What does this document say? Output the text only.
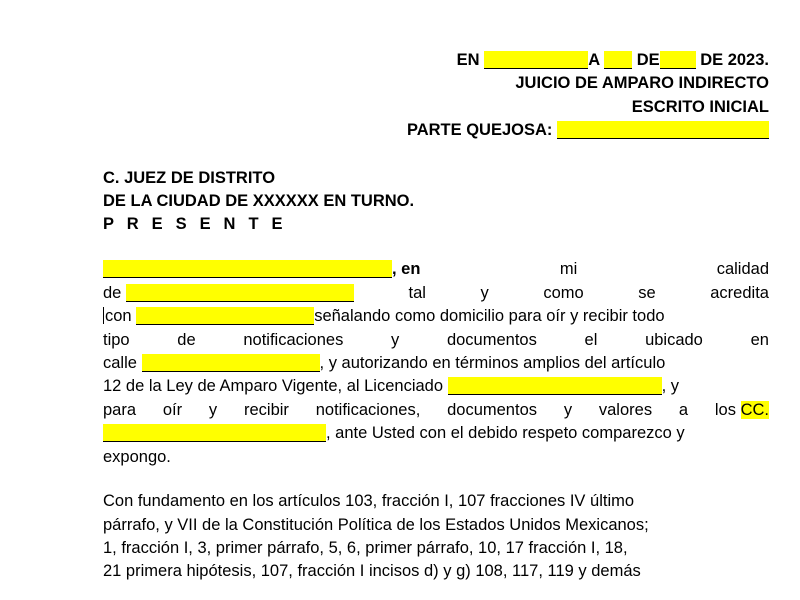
EN	A DE DE 2023.
JUICIO DE AMPARO INDIRECTO
ESCRITO INICIAL
PARTE QUEJOSA:
C. JUEZ DE DISTRITO
DE LA CIUDAD DE XXXXXX EN TURNO.
P R E S E N T E
, en	mi	calidad
de	tal	y	como	se	acredita
con	señalando como domicilio para oír y recibir todo
tipo	de	notificaciones	y	documentos	el	ubicado	en
calle	, y autorizando en términos amplios del artículo
12 de la Ley de Amparo Vigente, al Licenciado	, y
para oír y recibir notificaciones, documentos y valores a los CC.
, ante Usted con el debido respeto comparezco y
expongo.
Con fundamento en los artículos 103, fracción I, 107 fracciones IV último
párrafo, y VII de la Constitución Política de los Estados Unidos Mexicanos;
1, fracción I, 3, primer párrafo, 5, 6, primer párrafo, 10, 17 fracción I, 18,
21 primera hipótesis, 107, fracción I incisos d) y g) 108, 117, 119 y demás
